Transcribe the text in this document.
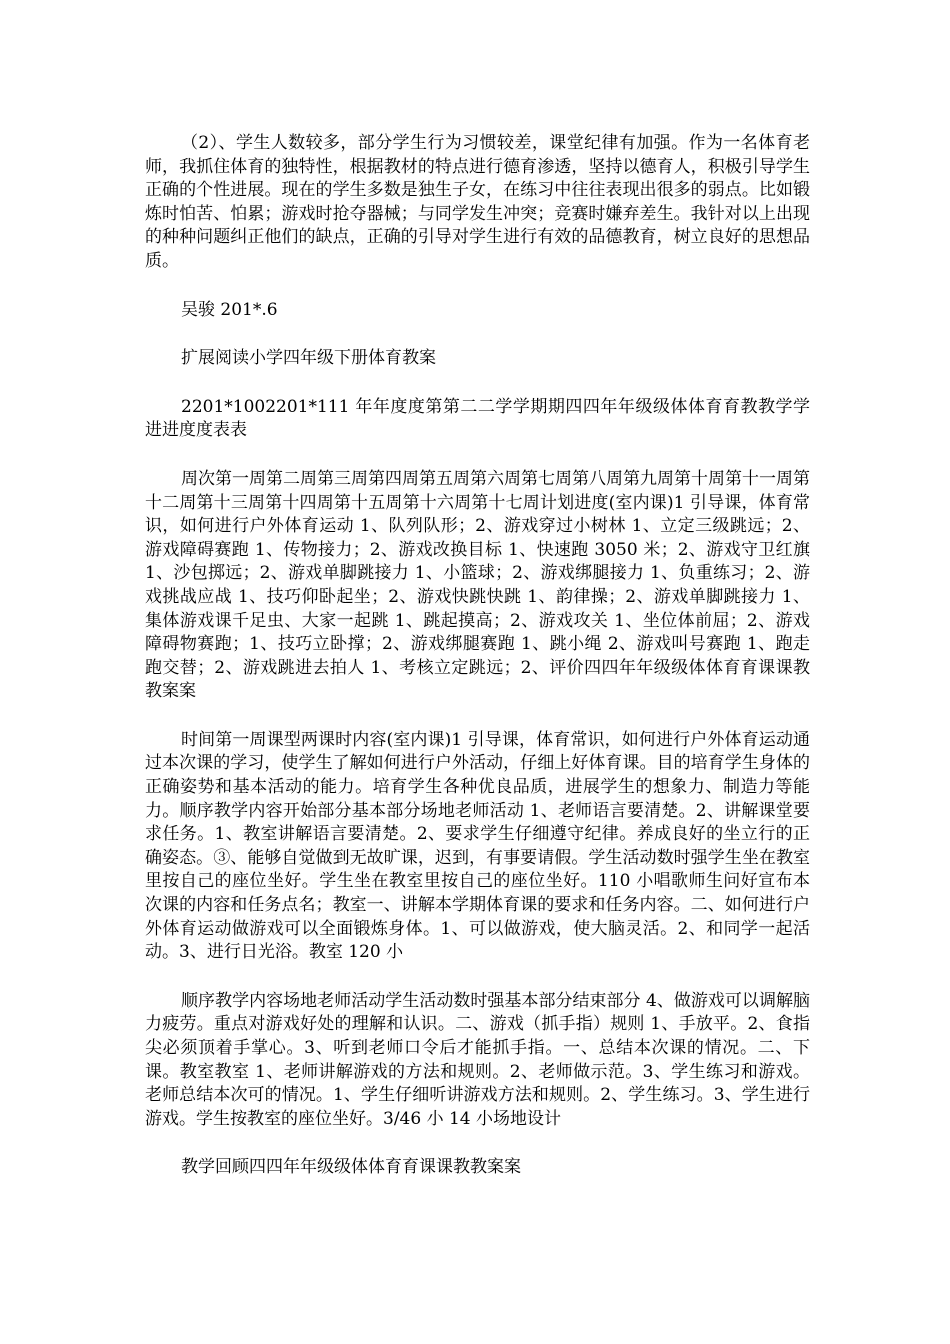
（2）、学生人数较多，部分学生行为习惯较差，课堂纪律有加强。作为一名体育老师，我抓住体育的独特性，根据教材的特点进行德育渗透，坚持以德育人，积极引导学生正确的个性进展。现在的学生多数是独生子女，在练习中往往表现出很多的弱点。比如锻炼时怕苦、怕累；游戏时抢夺器械；与同学发生冲突；竞赛时嫌弃差生。我针对以上出现的种种问题纠正他们的缺点，正确的引导对学生进行有效的品德教育，树立良好的思想品质。

吴骏 201*.6

扩展阅读小学四年级下册体育教案

2201*1002201*111 年年度度第第二二学学期期四四年年级级体体育育教教学学进进度度表表

周次第一周第二周第三周第四周第五周第六周第七周第八周第九周第十周第十一周第十二周第十三周第十四周第十五周第十六周第十七周计划进度(室内课)1 引导课，体育常识，如何进行户外体育运动 1、队列队形；2、游戏穿过小树林 1、立定三级跳远；2、游戏障碍赛跑 1、传物接力；2、游戏改换目标 1、快速跑 3050 米；2、游戏守卫红旗 1、沙包掷远；2、游戏单脚跳接力 1、小篮球；2、游戏绑腿接力 1、负重练习；2、游戏挑战应战 1、技巧仰卧起坐；2、游戏快跳快跳 1、韵律操；2、游戏单脚跳接力 1、集体游戏课千足虫、大家一起跳 1、跳起摸高；2、游戏攻关 1、坐位体前屈；2、游戏障碍物赛跑；1、技巧立卧撑；2、游戏绑腿赛跑 1、跳小绳 2、游戏叫号赛跑 1、跑走跑交替；2、游戏跳进去拍人 1、考核立定跳远；2、评价四四年年级级体体育育课课教教案案

时间第一周课型两课时内容(室内课)1 引导课，体育常识，如何进行户外体育运动通过本次课的学习，使学生了解如何进行户外活动，仔细上好体育课。目的培育学生身体的正确姿势和基本活动的能力。培育学生各种优良品质，进展学生的想象力、制造力等能力。顺序教学内容开始部分基本部分场地老师活动 1、老师语言要清楚。2、讲解课堂要求任务。1、教室讲解语言要清楚。2、要求学生仔细遵守纪律。养成良好的坐立行的正确姿态。③、能够自觉做到无故旷课，迟到，有事要请假。学生活动数时强学生坐在教室里按自己的座位坐好。学生坐在教室里按自己的座位坐好。110 小唱歌师生问好宣布本次课的内容和任务点名；教室一、讲解本学期体育课的要求和任务内容。二、如何进行户外体育运动做游戏可以全面锻炼身体。1、可以做游戏，使大脑灵活。2、和同学一起活动。3、进行日光浴。教室 120 小

顺序教学内容场地老师活动学生活动数时强基本部分结束部分 4、做游戏可以调解脑力疲劳。重点对游戏好处的理解和认识。二、游戏（抓手指）规则 1、手放平。2、食指尖必须顶着手掌心。3、听到老师口令后才能抓手指。一、总结本次课的情况。二、下课。教室教室 1、老师讲解游戏的方法和规则。2、老师做示范。3、学生练习和游戏。老师总结本次可的情况。1、学生仔细听讲游戏方法和规则。2、学生练习。3、学生进行游戏。学生按教室的座位坐好。3/46 小 14 小场地设计

教学回顾四四年年级级体体育育课课教教案案
